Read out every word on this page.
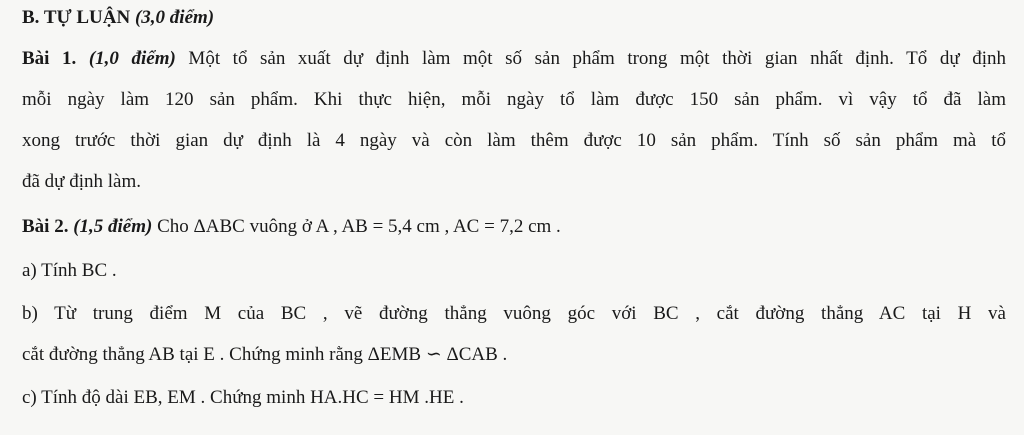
B. TỰ LUẬN (3,0 điểm)
Bài 1. (1,0 điểm) Một tổ sản xuất dự định làm một số sản phẩm trong một thời gian nhất định. Tổ dự định
mỗi ngày làm 120 sản phẩm. Khi thực hiện, mỗi ngày tổ làm được 150 sản phẩm. vì vậy tổ đã làm
xong trước thời gian dự định là 4 ngày và còn làm thêm được 10 sản phẩm. Tính số sản phẩm mà tổ
đã dự định làm.
Bài 2. (1,5 điểm) Cho ΔABC vuông ở A , AB = 5,4 cm , AC = 7,2 cm .
a) Tính BC .
b) Từ trung điểm M của BC , vẽ đường thẳng vuông góc với BC , cắt đường thẳng AC tại H và
cắt đường thẳng AB tại E . Chứng minh rằng ΔEMB ∽ ΔCAB .
c) Tính độ dài EB, EM . Chứng minh HA.HC = HM .HE .
